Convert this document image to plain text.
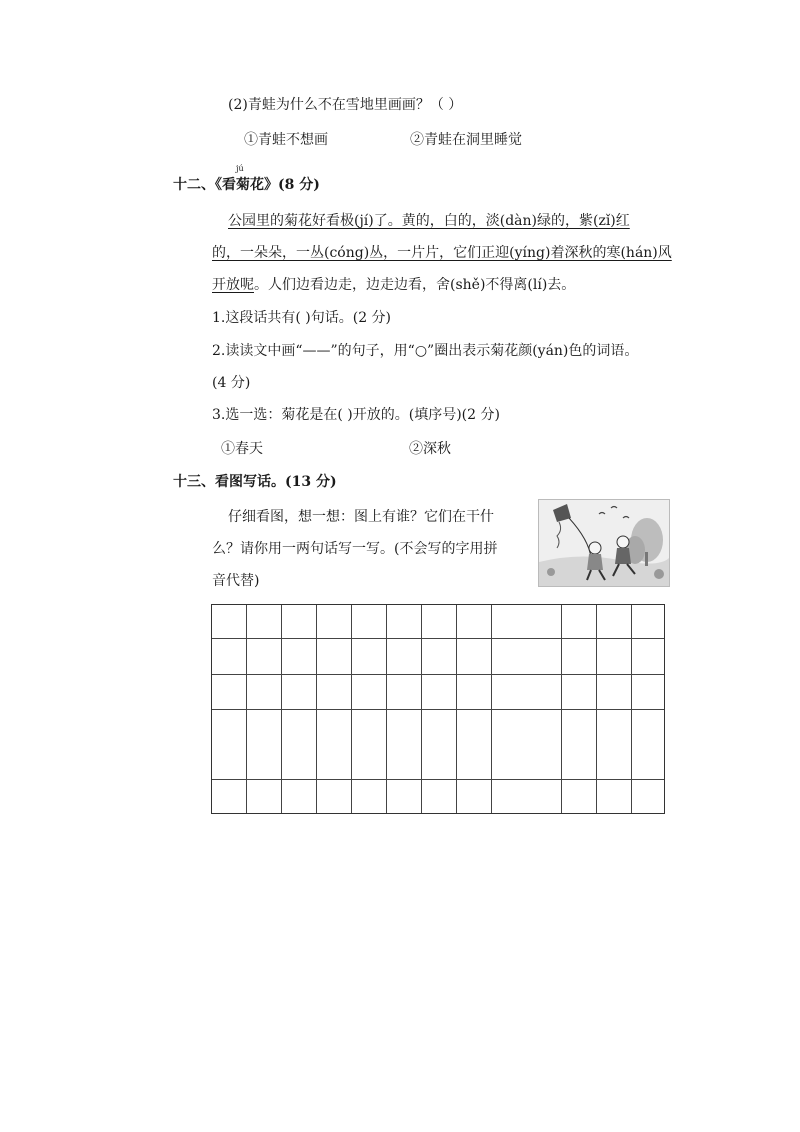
(2)青蛙为什么不在雪地里画画？（ ）
①青蛙不想画	②青蛙在洞里睡觉
jú
十二、《看菊花》(8 分)
公园里的菊花好看极(jí)了。黄的，白的，淡(dàn)绿的，紫(zǐ)红
的，一朵朵，一丛(cóng)丛，一片片，它们正迎(yíng)着深秋的寒(hán)风
开放呢。人们边看边走，边走边看，舍(shě)不得离(lí)去。
1.这段话共有( )句话。(2 分)
2.读读文中画“——”的句子，用“○”圈出表示菊花颜(yán)色的词语。
(4 分)
3.选一选：菊花是在( )开放的。(填序号)(2 分)
①春天	②深秋
十三、看图写话。(13 分)
仔细看图，想一想：图上有谁？它们在干什
么？请你用一两句话写一写。(不会写的字用拼
音代替)
